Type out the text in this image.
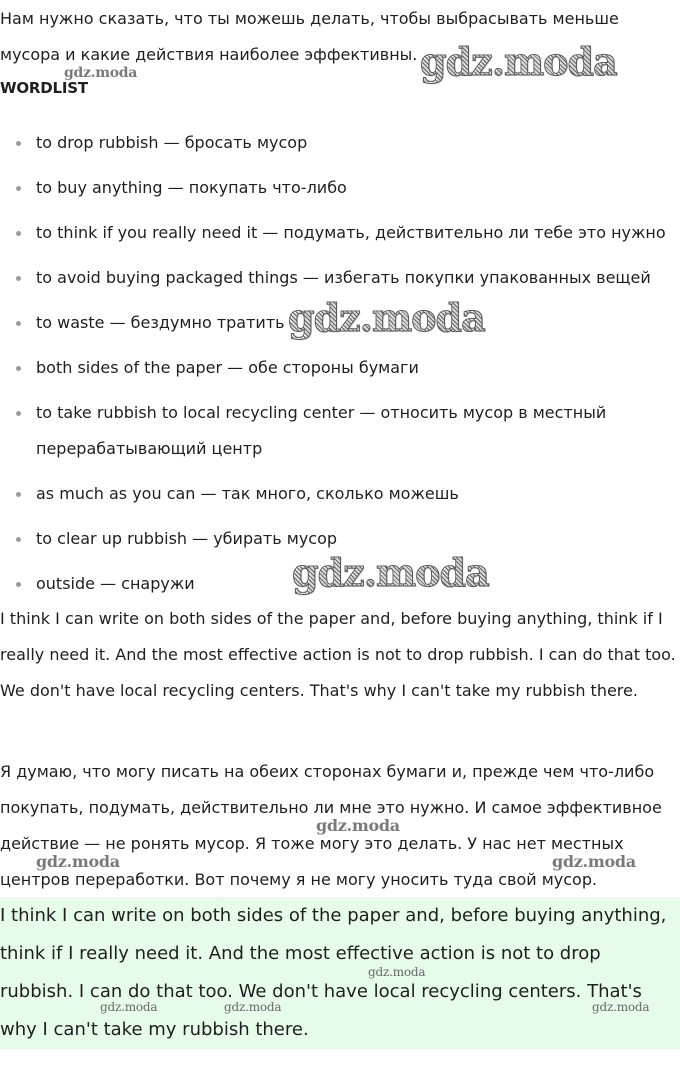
Нам нужно сказать, что ты можешь делать, чтобы выбрасывать меньше мусора и какие действия наиболее эффективны.

WORDLIST
to drop rubbish — бросать мусор
to buy anything — покупать что-либо
to think if you really need it — подумать, действительно ли тебе это нужно
to avoid buying packaged things — избегать покупки упакованных вещей
to waste — бездумно тратить
both sides of the paper — обе стороны бумаги
to take rubbish to local recycling center — относить мусор в местный перерабатывающий центр
as much as you can — так много, сколько можешь
to clear up rubbish — убирать мусор
outside — снаружи

I think I can write on both sides of the paper and, before buying anything, think if I really need it. And the most effective action is not to drop rubbish. I can do that too. We don't have local recycling centers. That's why I can't take my rubbish there.

Я думаю, что могу писать на обеих сторонах бумаги и, прежде чем что-либо покупать, подумать, действительно ли мне это нужно. И самое эффективное действие — не ронять мусор. Я тоже могу это делать. У нас нет местных центров переработки. Вот почему я не могу уносить туда свой мусор.

I think I can write on both sides of the paper and, before buying anything, think if I really need it. And the most effective action is not to drop rubbish. I can do that too. We don't have local recycling centers. That's why I can't take my rubbish there.

gdz.moda
gdz.moda
gdz.moda
gdz.moda
gdz.moda
gdz.moda	gdz.moda
gdz.moda
gdz.moda	gdz.moda	gdz.moda
